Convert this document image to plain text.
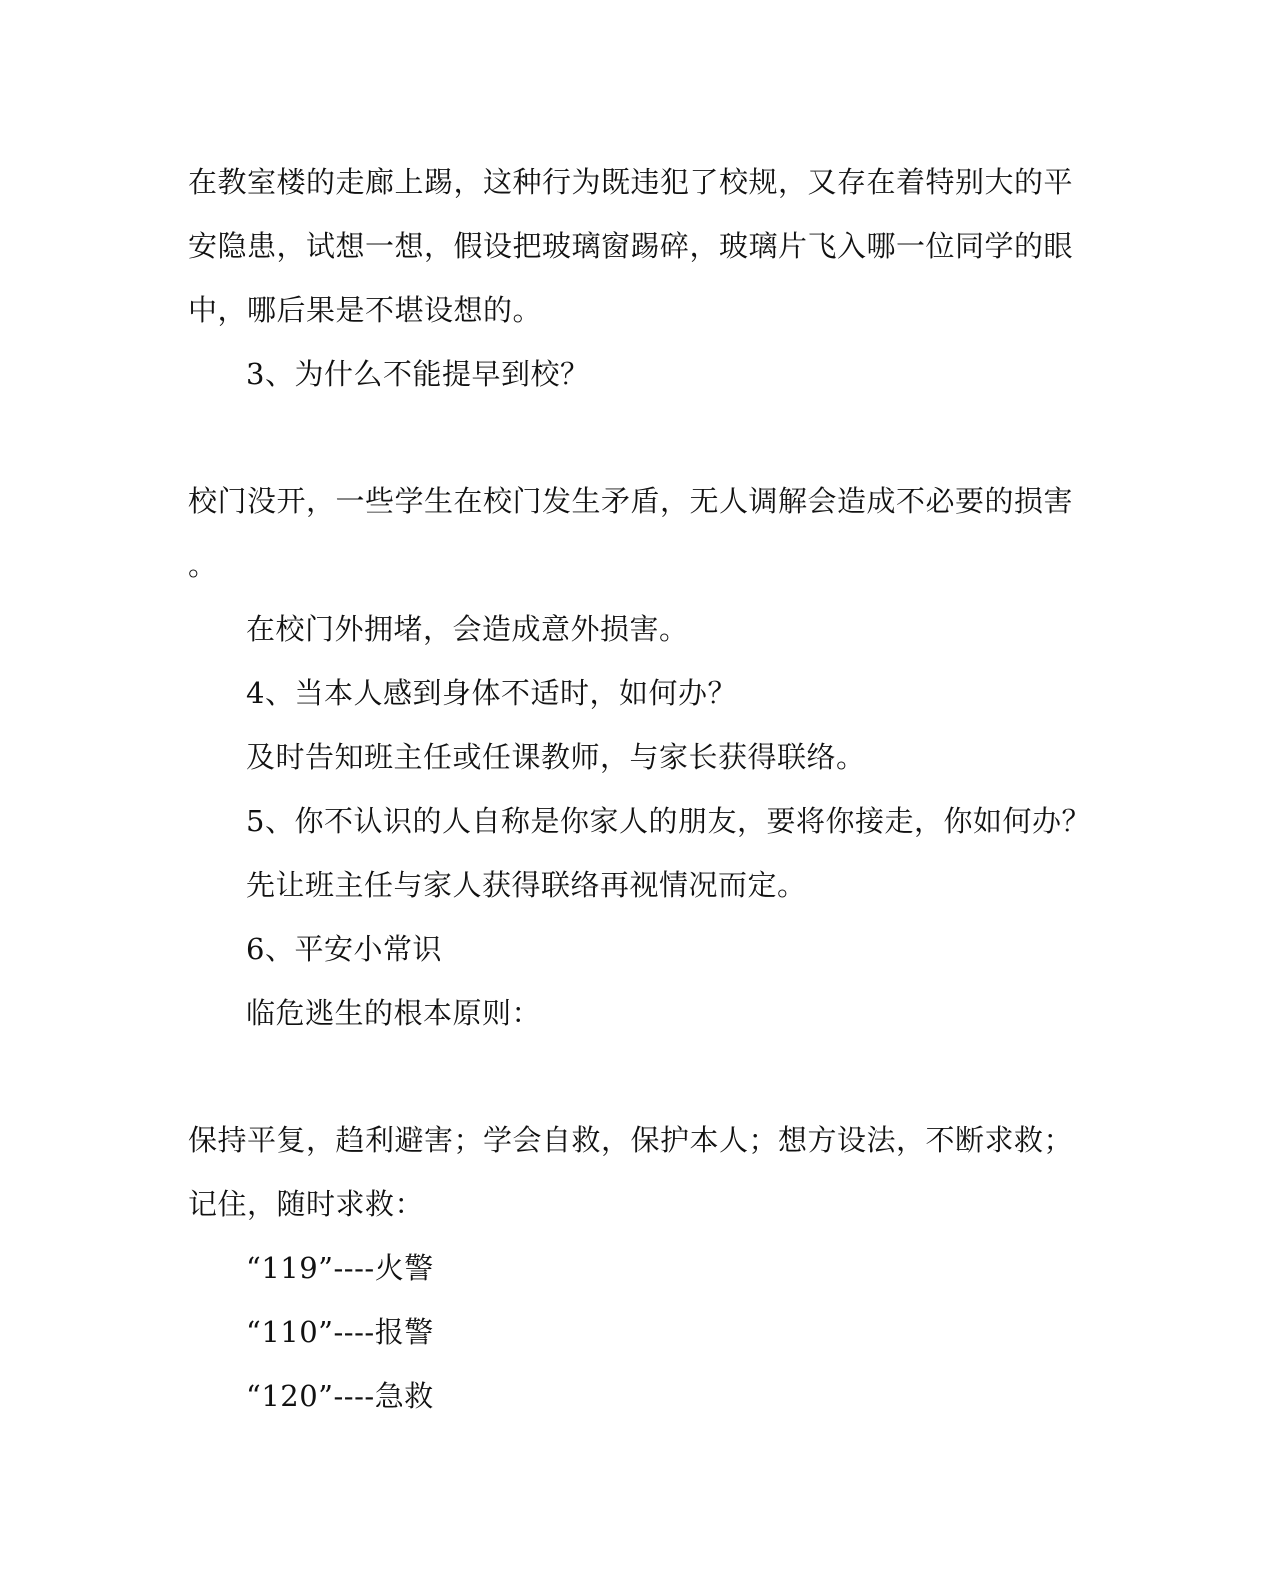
在教室楼的走廊上踢，这种行为既违犯了校规，又存在着特别大的平
安隐患，试想一想，假设把玻璃窗踢碎，玻璃片飞入哪一位同学的眼
中，哪后果是不堪设想的。
3、为什么不能提早到校？
校门没开，一些学生在校门发生矛盾，无人调解会造成不必要的损害
。
在校门外拥堵，会造成意外损害。
4、当本人感到身体不适时，如何办？
及时告知班主任或任课教师，与家长获得联络。
5、你不认识的人自称是你家人的朋友，要将你接走，你如何办？
先让班主任与家人获得联络再视情况而定。
6、平安小常识
临危逃生的根本原则：
保持平复，趋利避害；学会自救，保护本人；想方设法，不断求救；
记住，随时求救：
“119”----火警
“110”----报警
“120”----急救
